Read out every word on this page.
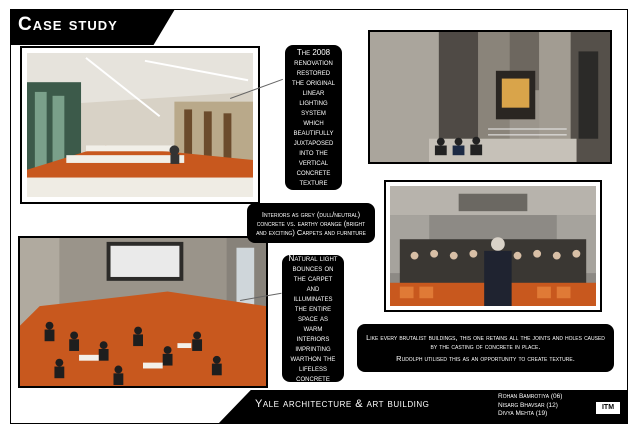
Case study
The 2008 renovation restored the original linear lighting system which beautifully juxtaposed into the vertical concrete texture
Interiors as grey (dull/neutral) concrete vs. earthy orange (bright and exciting) Carpets and furniture
Natural light bounces on the carpet and illuminates the entire space as warm interiors imprinting warthon the lifeless concrete
Like every brutalist buildings, this one retains all the joints and holes caused by the casting of concrete in place.
Rudolph utilised this as an opportunity to create texture.
Yale architecture & art building
Rohan Bamrotiya (06)
Nisarg Bhavsar (12)
Divya Mehta (19)
ITM
